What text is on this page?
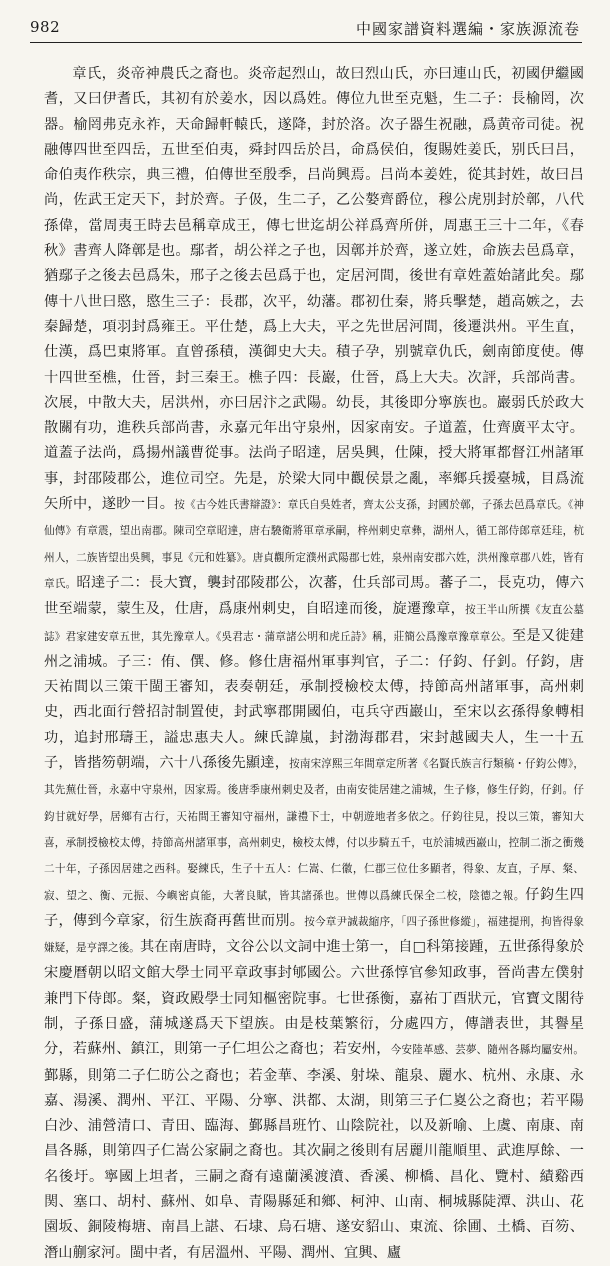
982	中國家譜資料選編・家族源流卷
章氏，炎帝神農氏之裔也。炎帝起烈山，故曰烈山氏，亦曰連山氏，初國伊繼國耆，又曰伊耆氏，其初有於姜水，因以爲姓。傳位九世至克魁，生二子：長榆罔，次器。榆罔弗克永祚，天命歸軒轅氏，遂降，封於洛。次子器生祝融，爲黄帝司徒。祝融傳四世至四岳，五世至伯夷，舜封四岳於吕，命爲侯伯，復賜姓姜氏，别氏曰吕，命伯夷作秩宗，典三禮，伯傳世至殷季，吕尚興焉。吕尚本姜姓，從其封姓，故曰吕尚，佐武王定天下，封於齊。子伋，生二子，乙公嫯齊爵位，穆公虎別封於鄣，八代孫偉，當周夷王時去邑稱章成王，傳七世迄胡公祥爲齊所併，周惠王三十二年，《春秋》書齊人降鄣是也。鄢者，胡公祥之子也，因鄣并於齊，遂立姓，命族去邑爲章，猶鄢子之後去邑爲朱，邢子之後去邑爲于也，定居河間，後世有章姓蓋始諸此矣。鄢傳十八世曰愍，愍生三子：長郡，次平，幼藩。郡初仕秦，將兵擊楚，趙高嫉之，去秦歸楚，項羽封爲雍王。平仕楚，爲上大夫，平之先世居河間，後遷洪州。平生直，仕漢，爲巴東將軍。直曾孫積，漢御史大夫。積子孕，别號章仇氏，劍南節度使。傳十四世至樵，仕晉，封三秦王。樵子四：長巖，仕晉，爲上大夫。次評，兵部尚書。次展，中散大夫，居洪州，亦曰居汴之武陽。幼長，其後即分寧族也。巖弱氏於政大散關有功，進秩兵部尚書，永嘉元年出守泉州，因家南安。子道蓋，仕齊廣平太守。道蓋子法尚，爲揚州議曹從事。法尚子昭達，居吳興，仕陳，授大將軍都督江州諸軍事，封邵陵郡公，進位司空。先是，於梁大同中觀侯景之亂，率鄉兵援臺城，目爲流矢所中，遂眇一目。按《古今姓氏書辯證》：章氏自吳姓者，齊太公支孫，封國於鄣，子孫去邑爲章氏。《神仙傳》有章震，望出南郡。陳司空章昭達，唐右驍衛將軍章承嗣，梓州刺史章彝，湖州人，循工部侍郎章廷珪，杭州人，二族皆望出吳興，事見《元和姓纂》。唐貞觀所定濮州武陽郡七姓，泉州南安郡六姓，洪州豫章郡八姓，皆有章氏。昭達子二：長大寶，襲封邵陵郡公，次蕃，仕兵部司馬。蕃子二，長克功，傳六世至端蒙，蒙生及，仕唐，爲康州刺史，自昭達而後，旋遷豫章，按王半山所撰《友直公墓誌》君家建安章五世，其先豫章人。《吳君志・蒲章諸公明和虎丘詩》稱，莊簡公爲豫章豫章章公。至是又徙建州之浦城。子三：侑、僎、修。修仕唐福州軍事判官，子二：仔鈞、仔釗。仔鈞，唐天祐間以三策干閩王審知，表奏朝廷，承制授檢校太傅，持節高州諸軍事，高州刺史，西北面行營招討制置使，封武寧郡開國伯，屯兵守西巖山，至宋以玄孫得象轉相功，追封邢璹王，謚忠惠夫人。練氏諱嵐，封渤海郡君，宋封越國夫人，生一十五子，皆揩笏朝端，六十八孫後先顯達，按南宋淳熙三年間章定所著《名賢氏族言行類稿・仔鈞公傳》，其先蕪仕晉，永嘉中守泉州，因家焉。後唐季康州刺史及者，由南安徙居建之浦城，生子修，修生仔鈞，仔釗。仔鈞甘就好學，居鄉有古行，天祐間王審知守福州，謙禮下士，中朝遊地者多依之。仔鈞往見，投以三策，審知大喜，承制授檢校太傅，持節高州諸軍事，高州刺史，檢校太傅，付以步騎五千，屯於浦城西巖山，控制二浙之衝幾二十年，子孫因居建之西科。娶練氏，生子十五人：仁嵩、仁徽，仁郡三位仕多顯者，得象、友直，子厚、粲、寂、望之、衡、元振、今嶼密貞能，大著良賦，皆其諸孫也。世傳以爲練氏保全二校，陰德之報。仔鈞生四子，傳到今章家，衍生族裔再舊世而別。按今章尹誠裁縮序，「四子孫世修縱」，福建提刑，拘皆得象嫌疑，是亨譯之後。其在南唐時，文谷公以文詞中進士第一，自□科第接踵，五世孫得象於宋慶曆朝以昭文館大學士同平章政事封郇國公。六世孫惇官參知政事，晉尚書左僕射兼門下侍郎。粲，資政殿學士同知樞密院事。七世孫衡，嘉祐丁酉狀元，官寶文閣待制，子孫日盛，蒲城遂爲天下望族。由是枝葉繁衍，分處四方，傳譜表世，其譽星分，若蘇州、鎮江，則第一子仁坦公之裔也；若安州，今安陸革感、芸夢、隨州各縣均屬安州。鄞縣，則第二子仁昉公之裔也；若金華、李溪、射垛、龍泉、麗水、杭州、永康、永嘉、湯溪、潤州、平江、平陽、分寧、洪都、太湖，則第三子仁嵏公之裔也；若平陽白沙、浦營清口、青田、臨海、鄞縣昌班竹、山陰院社，以及新喻、上虞、南康、南昌各縣，則第四子仁嵩公家嗣之裔也。其次嗣之後則有居麗川龍順里、武進厚餘、一名後圩。寧國上坦者，三嗣之裔有遠蘭溪渡濆、香溪、柳橋、昌化、覽村、績谿西関、塞口、胡村、蘇州、如阜、青陽縣延和鄉、柯沖、山南、桐城縣陡潭、洪山、花園坂、銅陵梅塘、南昌上諶、石埭、烏石塘、遂安貂山、東流、徐圃、土橋、百笏、潛山蒯家河。閩中者，有居溫州、平陽、潤州、宜興、廬
